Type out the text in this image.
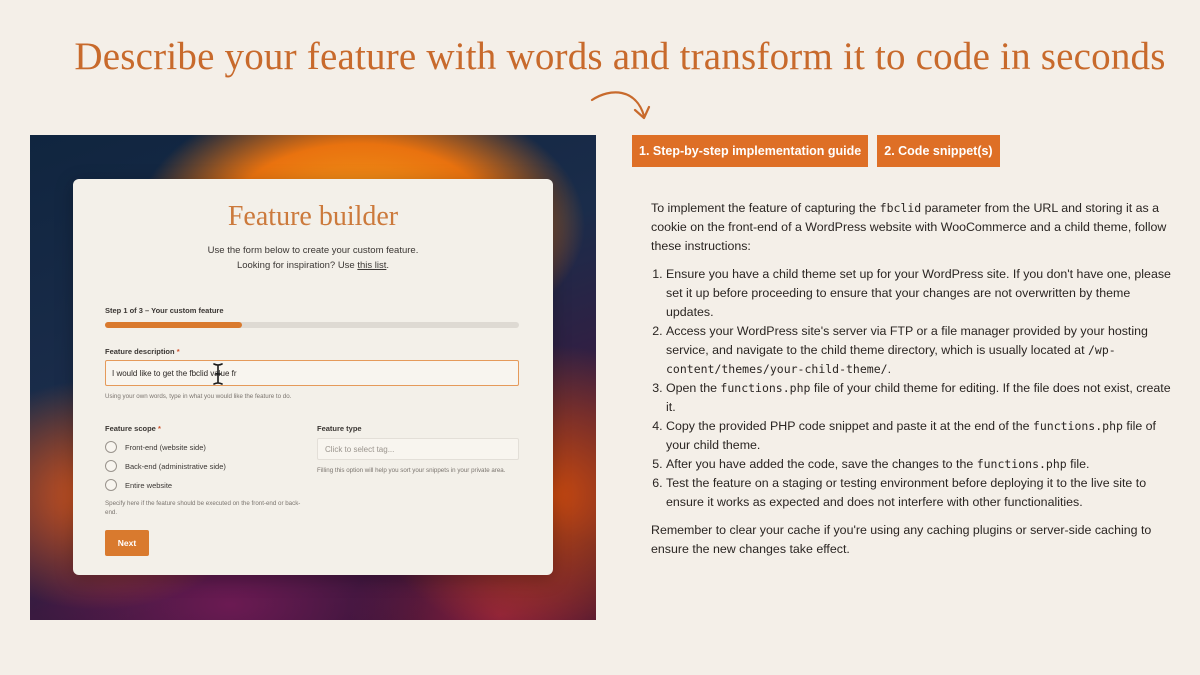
Describe your feature with words and transform it to code in seconds
Feature builder
Use the form below to create your custom feature.
Looking for inspiration? Use this list.
Step 1 of 3 – Your custom feature
Feature description *
I would like to get the fbclid value fr
Using your own words, type in what you would like the feature to do.
Feature scope *
Front-end (website side)
Back-end (administrative side)
Entire website
Specify here if the feature should be executed on the front-end or back-end.
Feature type
Click to select tag...
Filling this option will help you sort your snippets in your private area.
Next
1. Step-by-step implementation guide	2. Code snippet(s)

To implement the feature of capturing the fbclid parameter from the URL and storing it as a cookie on the front-end of a WordPress website with WooCommerce and a child theme, follow these instructions:

1. Ensure you have a child theme set up for your WordPress site. If you don't have one, please set it up before proceeding to ensure that your changes are not overwritten by theme updates.
2. Access your WordPress site's server via FTP or a file manager provided by your hosting service, and navigate to the child theme directory, which is usually located at /wp-content/themes/your-child-theme/.
3. Open the functions.php file of your child theme for editing. If the file does not exist, create it.
4. Copy the provided PHP code snippet and paste it at the end of the functions.php file of your child theme.
5. After you have added the code, save the changes to the functions.php file.
6. Test the feature on a staging or testing environment before deploying it to the live site to ensure it works as expected and does not interfere with other functionalities.

Remember to clear your cache if you're using any caching plugins or server-side caching to ensure the new changes take effect.
